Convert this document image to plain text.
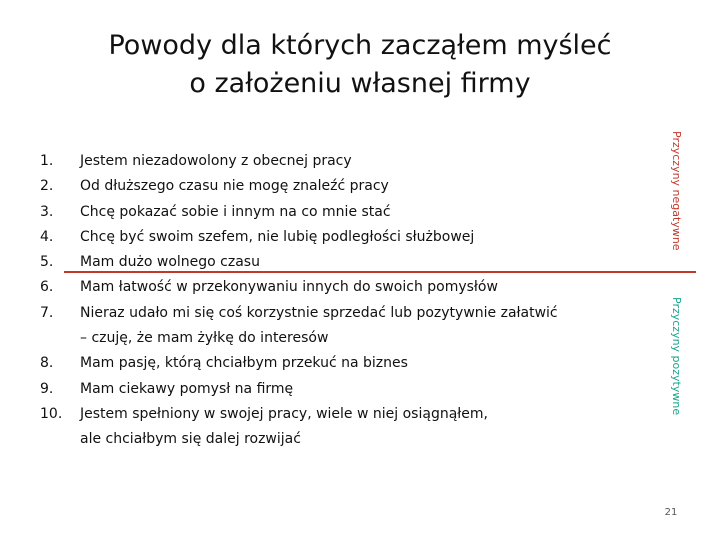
Powody dla których zacząłem myśleć
o założeniu własnej firmy
1.	Jestem niezadowolony z obecnej pracy
2.	Od dłuższego czasu nie mogę znaleźć pracy
3.	Chcę pokazać sobie i innym na co mnie stać
4.	Chcę być swoim szefem, nie lubię podległości służbowej
5.	Mam dużo wolnego czasu
6.	Mam łatwość w przekonywaniu innych do swoich pomysłów
7.	Nieraz udało mi się coś korzystnie sprzedać lub pozytywnie załatwić
– czuję, że mam żyłkę do interesów
8.	Mam pasję, którą chciałbym przekuć na biznes
9.	Mam ciekawy pomysł na firmę
10.	Jestem spełniony w swojej pracy, wiele w niej osiągnąłem,
ale chciałbym się dalej rozwijać
Przyczyny negatywne
Przyczyny pozytywne
21
